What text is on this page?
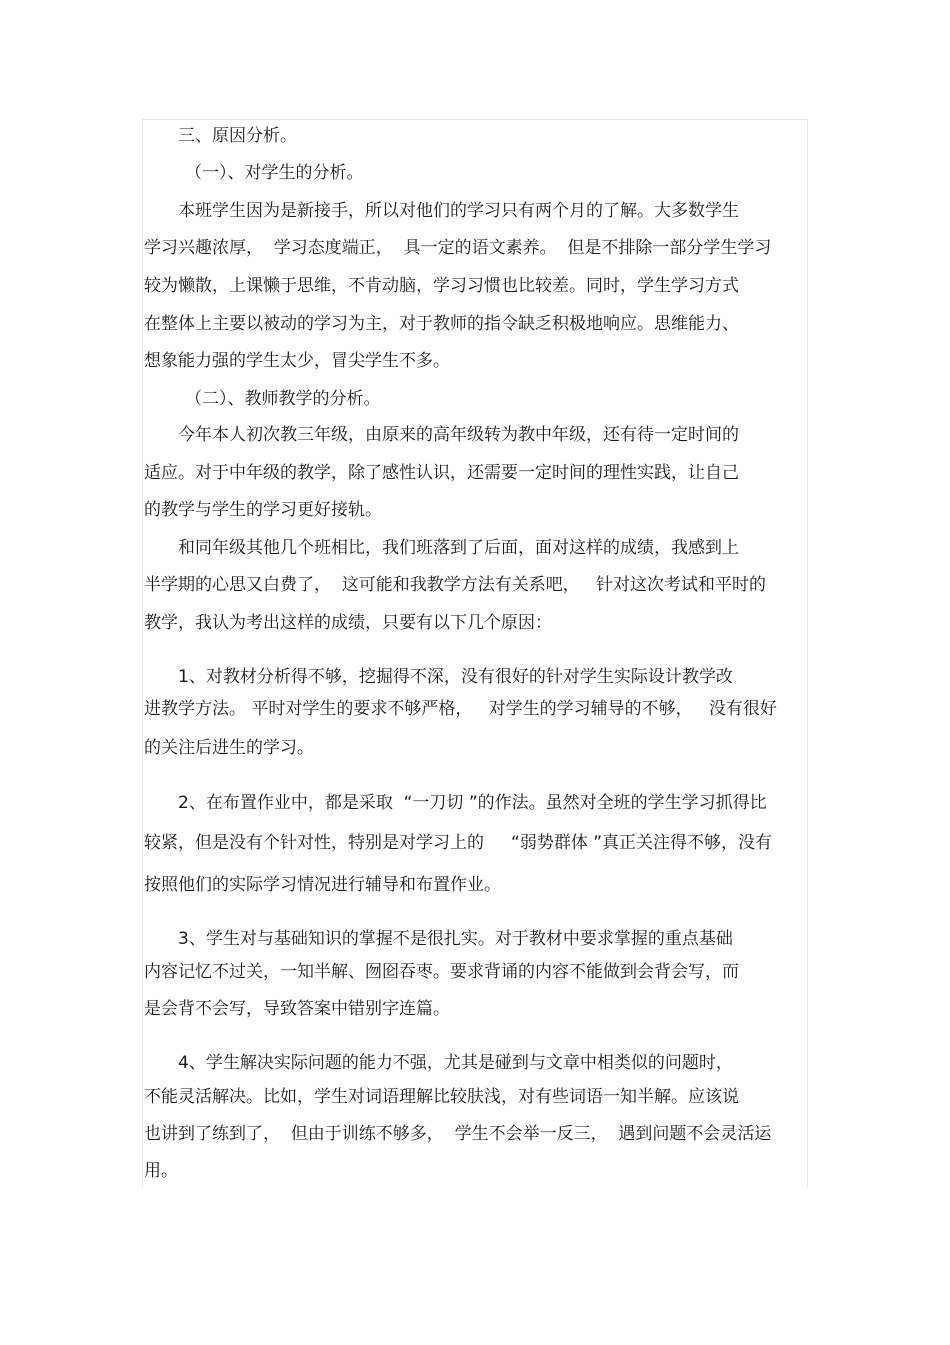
三、原因分析。
（一）、对学生的分析。
本班学生因为是新接手，所以对他们的学习只有两个月的了解。大多数学生
学习兴趣浓厚，  学习态度端正，  具一定的语文素养。  但是不排除一部分学生学习
较为懒散，上课懒于思维，不肯动脑，学习习惯也比较差。同时，学生学习方式
在整体上主要以被动的学习为主，对于教师的指令缺乏积极地响应。思维能力、
想象能力强的学生太少，冒尖学生不多。
（二）、教师教学的分析。
今年本人初次教三年级，由原来的高年级转为教中年级，还有待一定时间的
适应。对于中年级的教学，除了感性认识，还需要一定时间的理性实践，让自己
的教学与学生的学习更好接轨。
和同年级其他几个班相比，我们班落到了后面，面对这样的成绩，我感到上
半学期的心思又白费了，  这可能和我教学方法有关系吧，   针对这次考试和平时的
教学，我认为考出这样的成绩，只要有以下几个原因：
1、对教材分析得不够，挖掘得不深，没有很好的针对学生实际设计教学改
进教学方法。 平时对学生的要求不够严格，   对学生的学习辅导的不够，   没有很好
的关注后进生的学习。
2、在布置作业中，都是采取  “一刀切 ”的作法。虽然对全班的学生学习抓得比
较紧，但是没有个针对性，特别是对学习上的     “弱势群体 ”真正关注得不够，没有
按照他们的实际学习情况进行辅导和布置作业。
3、学生对与基础知识的掌握不是很扎实。对于教材中要求掌握的重点基础
内容记忆不过关，一知半解、囫囵吞枣。要求背诵的内容不能做到会背会写，而
是会背不会写，导致答案中错别字连篇。
4、学生解决实际问题的能力不强，尤其是碰到与文章中相类似的问题时，
不能灵活解决。比如，学生对词语理解比较肤浅，对有些词语一知半解。应该说
也讲到了练到了，  但由于训练不够多，  学生不会举一反三，  遇到问题不会灵活运
用。
